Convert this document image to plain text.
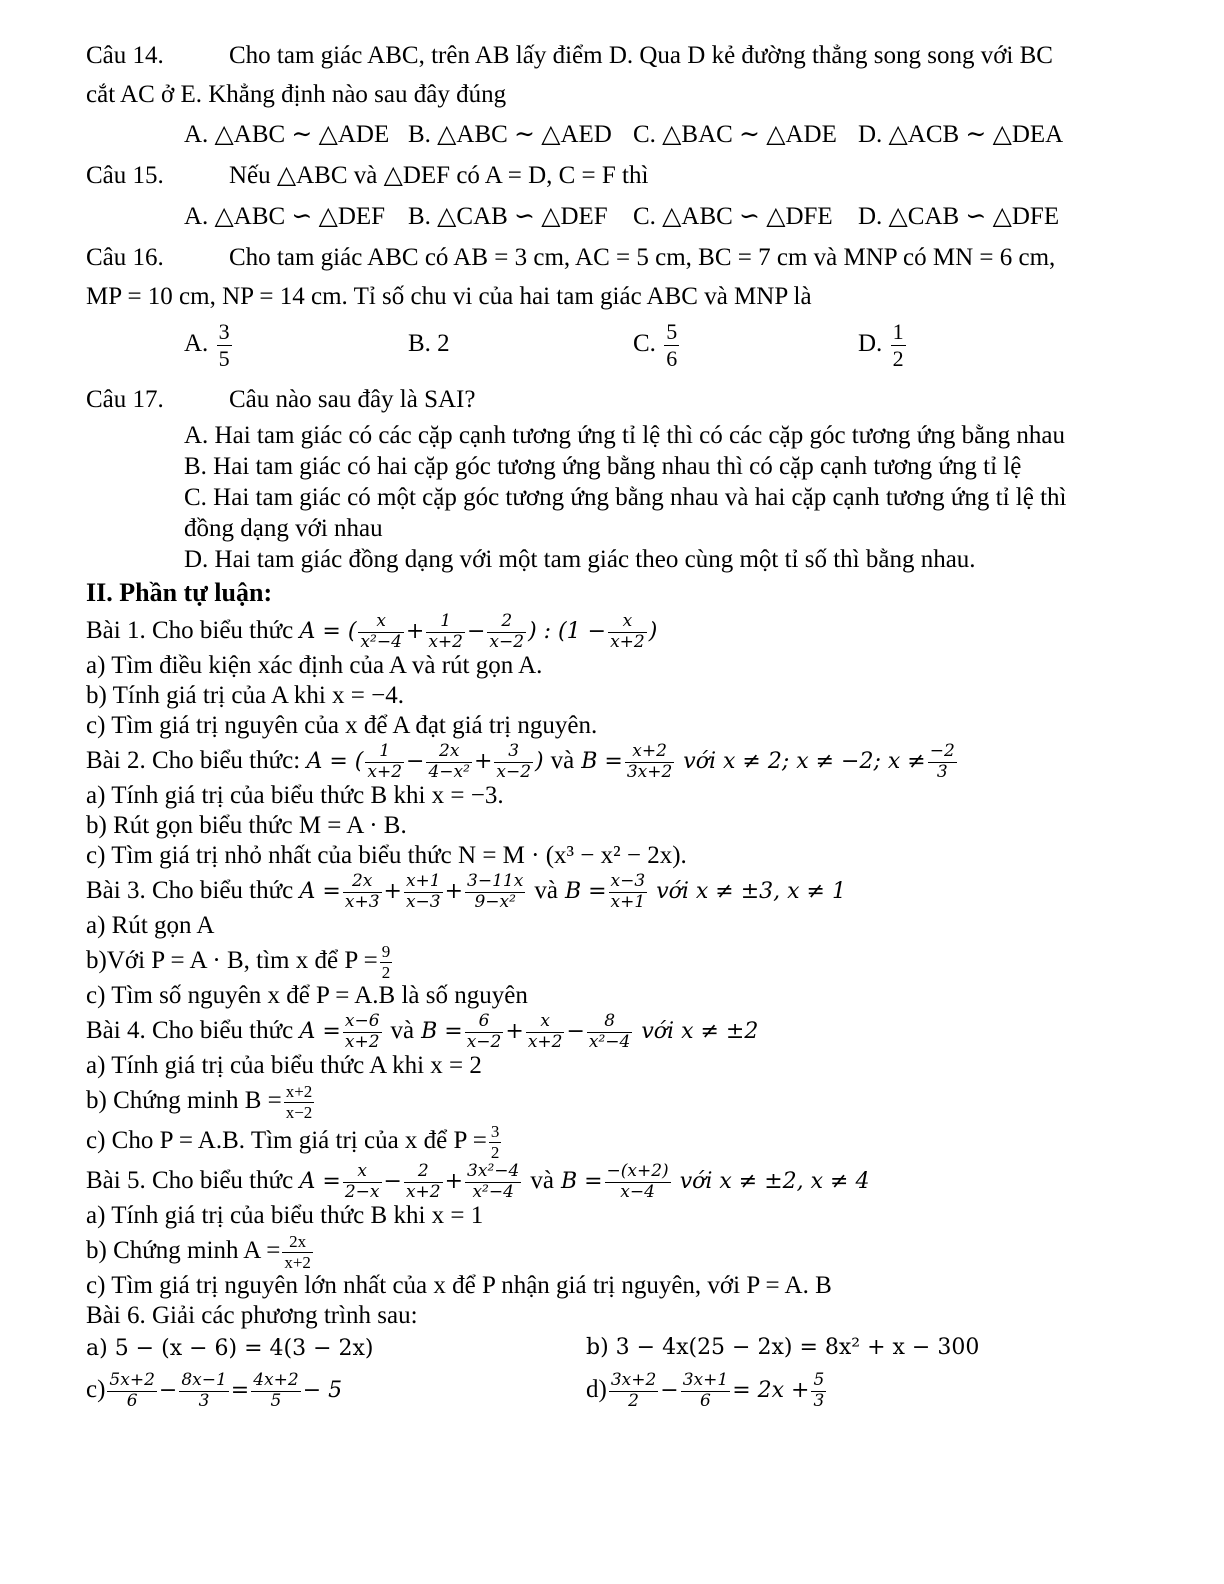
Câu 14.	Cho tam giác ABC, trên AB lấy điểm D. Qua D kẻ đường thẳng song song với BC
cắt AC ở E. Khẳng định nào sau đây đúng
A. △ABC ∼ △ADE B. △ABC ∼ △AED C. △BAC ∼ △ADE D. △ACB ∼ △DEA
Câu 15.	Nếu △ABC và △DEF có A = D, C = F thì
A. △ABC ∽ △DEF B. △CAB ∽ △DEF C. △ABC ∽ △DFE D. △CAB ∽ △DFE
Câu 16.	Cho tam giác ABC có AB = 3 cm, AC = 5 cm, BC = 7 cm và MNP có MN = 6 cm,
MP = 10 cm, NP = 14 cm. Tỉ số chu vi của hai tam giác ABC và MNP là
A. $\frac{3}{5}$	B. 2	C. $\frac{5}{6}$	D. $\frac{1}{2}$
Câu 17.	Câu nào sau đây là SAI?
A. Hai tam giác có các cặp cạnh tương ứng tỉ lệ thì có các cặp góc tương ứng bằng nhau
B. Hai tam giác có hai cặp góc tương ứng bằng nhau thì có cặp cạnh tương ứng tỉ lệ
C. Hai tam giác có một cặp góc tương ứng bằng nhau và hai cặp cạnh tương ứng tỉ lệ thì
đồng dạng với nhau
D. Hai tam giác đồng dạng với một tam giác theo cùng một tỉ số thì bằng nhau.
II. Phần tự luận:
Bài 1. Cho biểu thức A = ( $\frac{x}{\text{x²−4}} + \frac{1}{x+2} - \frac{2}{x-2}$ ) : ($1 - \frac{x}{x+2}$ )
a) Tìm điều kiện xác định của A và rút gọn A.
b) Tính giá trị của A khi x = −4.
c) Tìm giá trị nguyên của x để A đạt giá trị nguyên.
Bài 2. Cho biểu thức: A = ( $\frac{1}{x+2} - \frac{2x}{\text{4−x²}} + \frac{3}{x-2}$ ) và $B = \frac{x+2}{3x+2}$ với x ≠ 2; x ≠ −2; $x \ne \frac{-2}{3}$
a) Tính giá trị của biểu thức B khi x = −3.
b) Rút gọn biểu thức M = A · B.
c) Tìm giá trị nhỏ nhất của biểu thức N = M · (x³ − x² − 2x).
Bài 3. Cho biểu thức $A = \frac{2x}{x+3} + \frac{x+1}{x-3} + \frac{3-11x}{\text{9−x²}}$ và $B = \frac{x-3}{x+1}$ với x ≠ ±3, x ≠ 1
a) Rút gọn A
b)Với P = A · B, tìm x để $P = \frac{9}{2}$
c) Tìm số nguyên x để P = A.B là số nguyên
Bài 4. Cho biểu thức $A = \frac{x-6}{x+2}$ và $B = \frac{6}{x-2} + \frac{x}{x+2} - \frac{8}{\text{x²−4}}$ với x ≠ ±2
a) Tính giá trị của biểu thức A khi x = 2
b) Chứng minh $B = \frac{x+2}{x-2}$
c) Cho P = A.B. Tìm giá trị của x để $P = \frac{3}{2}$
Bài 5. Cho biểu thức $A = \frac{x}{2-x} - \frac{2}{x+2} + \frac{\text{3x²−4}}{\text{x²−4}}$ và $B = \frac{-(x+2)}{x-4}$ với x ≠ ±2, x ≠ 4
a) Tính giá trị của biểu thức B khi x = 1
b) Chứng minh $A = \frac{2x}{x+2}$
c) Tìm giá trị nguyên lớn nhất của x để P nhận giá trị nguyên, với P = A. B
Bài 6. Giải các phương trình sau:
a) 5 − (x − 6) = 4(3 − 2x)	b) 3 − 4x(25 − 2x) = 8x² + x − 300
$c) \frac{5x+2}{6} - \frac{8x-1}{3} = \frac{4x+2}{5} - 5$	$d) \frac{3x+2}{2} - \frac{3x+1}{6} = 2x + \frac{5}{3}$
